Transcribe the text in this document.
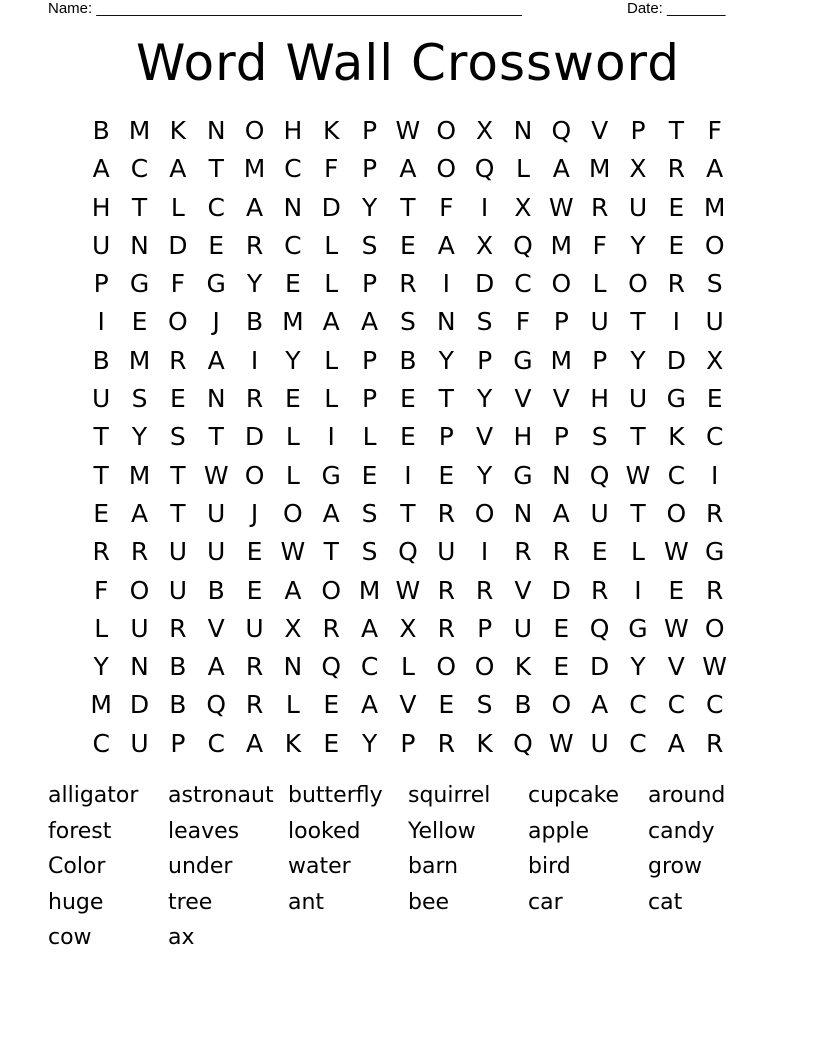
Name: ___________________________________________________	Date: _______
Word Wall Crossword
B M K N O H K P W O X N Q V P T F
A C A T M C F P A O Q L A M X R A
H T L C A N D Y T F	I	X W R U E M
U N D E R C L S E A X Q M F Y E O
P G F G Y E L P R	I	D C O L O R S
I	E O J	B M A A S N S F P U T	I	U
B M R A	I	Y L P B Y P G M P Y D X
U S E N R E L P E T Y V V H U G E
T Y S T D L	I	L E P V H P S T K C
T M T W O L G E	I	E Y G N Q W C	I
E A T U	J O A S T R O N A U T O R
R R U U E W T S Q U	I	R R E L W G
F O U B E A O M W R R V D R	I	E R
L U R V U X R A X R P U E Q G W O
Y N B A R N Q C L O O K E D Y V W
M D B Q R L E A V E S B O A C C C
C U P C A K E Y P R K Q W U C A R
alligator	astronaut butterfly	squirrel	cupcake	around
forest	leaves	looked	Yellow	apple	candy
Color	under	water	barn	bird	grow
huge	tree	ant	bee	car	cat
cow	ax
